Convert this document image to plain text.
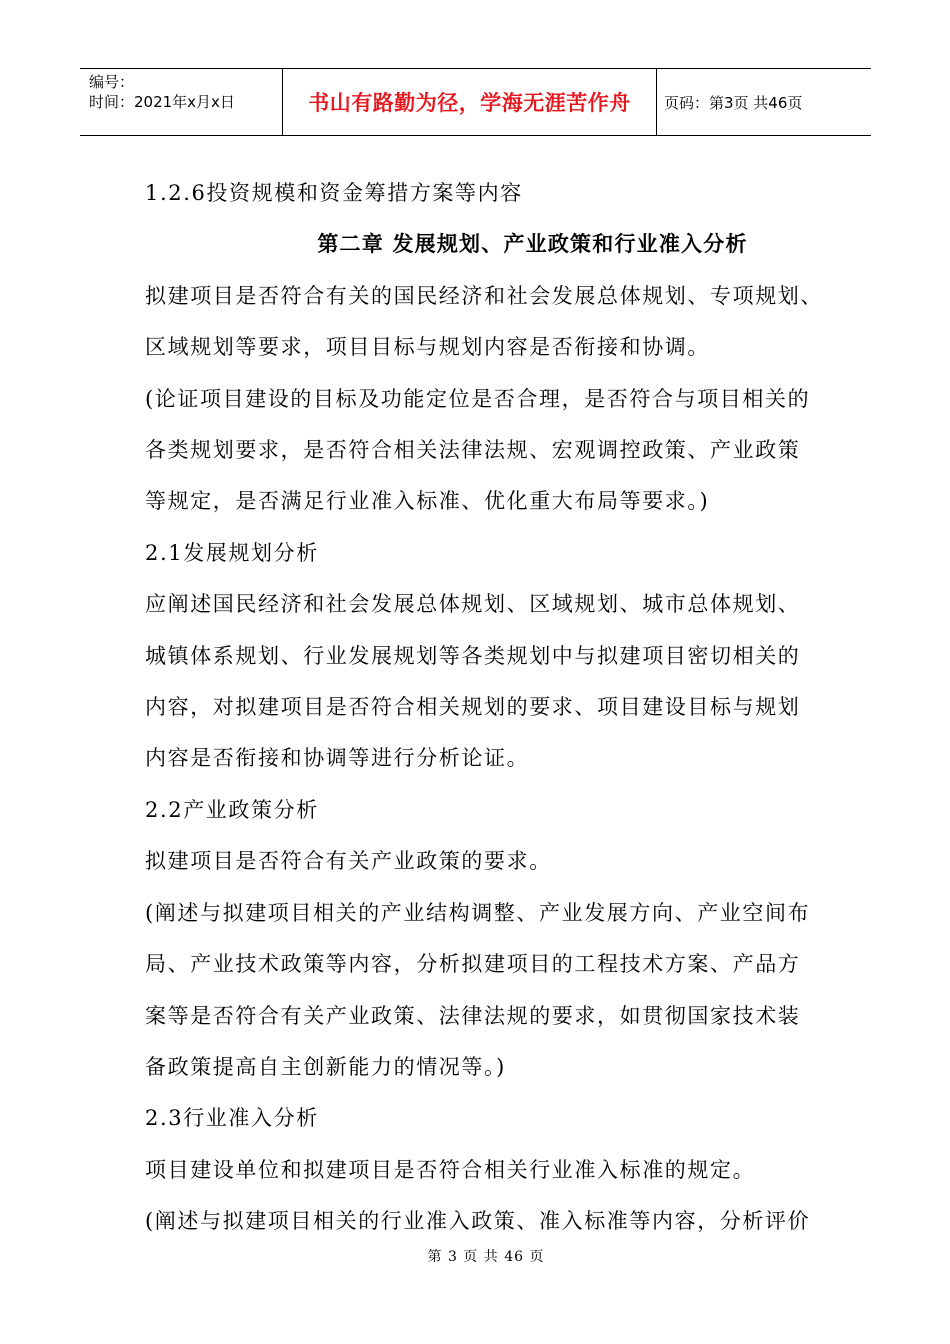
编号：
时间：2021年x月x日	书山有路勤为径，学海无涯苦作舟 页码：第3页 共46页

1.2.6投资规模和资金筹措方案等内容

第二章 发展规划、产业政策和行业准入分析

拟建项目是否符合有关的国民经济和社会发展总体规划、专项规划、

区域规划等要求，项目目标与规划内容是否衔接和协调。

(论证项目建设的目标及功能定位是否合理，是否符合与项目相关的

各类规划要求，是否符合相关法律法规、宏观调控政策、产业政策

等规定，是否满足行业准入标准、优化重大布局等要求。)

2.1发展规划分析

应阐述国民经济和社会发展总体规划、区域规划、城市总体规划、

城镇体系规划、行业发展规划等各类规划中与拟建项目密切相关的

内容，对拟建项目是否符合相关规划的要求、项目建设目标与规划

内容是否衔接和协调等进行分析论证。

2.2产业政策分析

拟建项目是否符合有关产业政策的要求。

(阐述与拟建项目相关的产业结构调整、产业发展方向、产业空间布

局、产业技术政策等内容，分析拟建项目的工程技术方案、产品方

案等是否符合有关产业政策、法律法规的要求，如贯彻国家技术装

备政策提高自主创新能力的情况等。)

2.3行业准入分析

项目建设单位和拟建项目是否符合相关行业准入标准的规定。

(阐述与拟建项目相关的行业准入政策、准入标准等内容，分析评价

第 3 页 共 46 页
